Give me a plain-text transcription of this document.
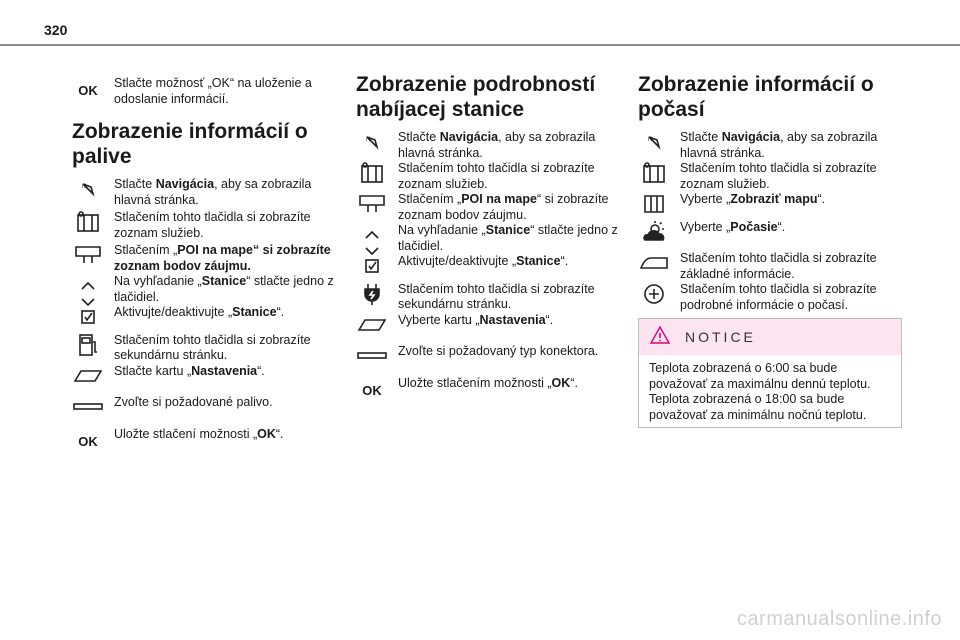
320
OK
Stlačte možnosť „OK“ na uloženie a odoslanie informácií.
Zobrazenie informácií o palive
N Stlačte Navigácia, aby sa zobrazila hlavná stránka.
Stlačením tohto tlačidla si zobrazíte zoznam služieb.
Stlačením „POI na mape“ si zobrazíte zoznam bodov záujmu.
Na vyhľadanie „Stanice“ stlačte jedno z tlačidiel.
Aktivujte/deaktivujte „Stanice“.
Stlačením tohto tlačidla si zobrazíte sekundárnu stránku.
Stlačte kartu „Nastavenia“.
Zvoľte si požadované palivo.
OK
Uložte stlačení možnosti „OK“.
Zobrazenie podrobností nabíjacej stanice
N Stlačte Navigácia, aby sa zobrazila hlavná stránka.
Stlačením tohto tlačidla si zobrazíte zoznam služieb.
Stlačením „POI na mape“ si zobrazíte zoznam bodov záujmu.
Na vyhľadanie „Stanice“ stlačte jedno z tlačidiel.
Aktivujte/deaktivujte „Stanice“.
Stlačením tohto tlačidla si zobrazíte sekundárnu stránku.
Vyberte kartu „Nastavenia“.
Zvoľte si požadovaný typ konektora.
OK
Uložte stlačením možnosti „OK“.
Zobrazenie informácií o počasí
N Stlačte Navigácia, aby sa zobrazila hlavná stránka.
Stlačením tohto tlačidla si zobrazíte zoznam služieb.
Vyberte „Zobraziť mapu“.
Vyberte „Počasie“.
Stlačením tohto tlačidla si zobrazíte základné informácie.
Stlačením tohto tlačidla si zobrazíte podrobné informácie o počasí.
NOTICE
Teplota zobrazená o 6:00 sa bude považovať za maximálnu dennú teplotu.
Teplota zobrazená o 18:00 sa bude považovať za minimálnu nočnú teplotu.
carmanualsonline.info
